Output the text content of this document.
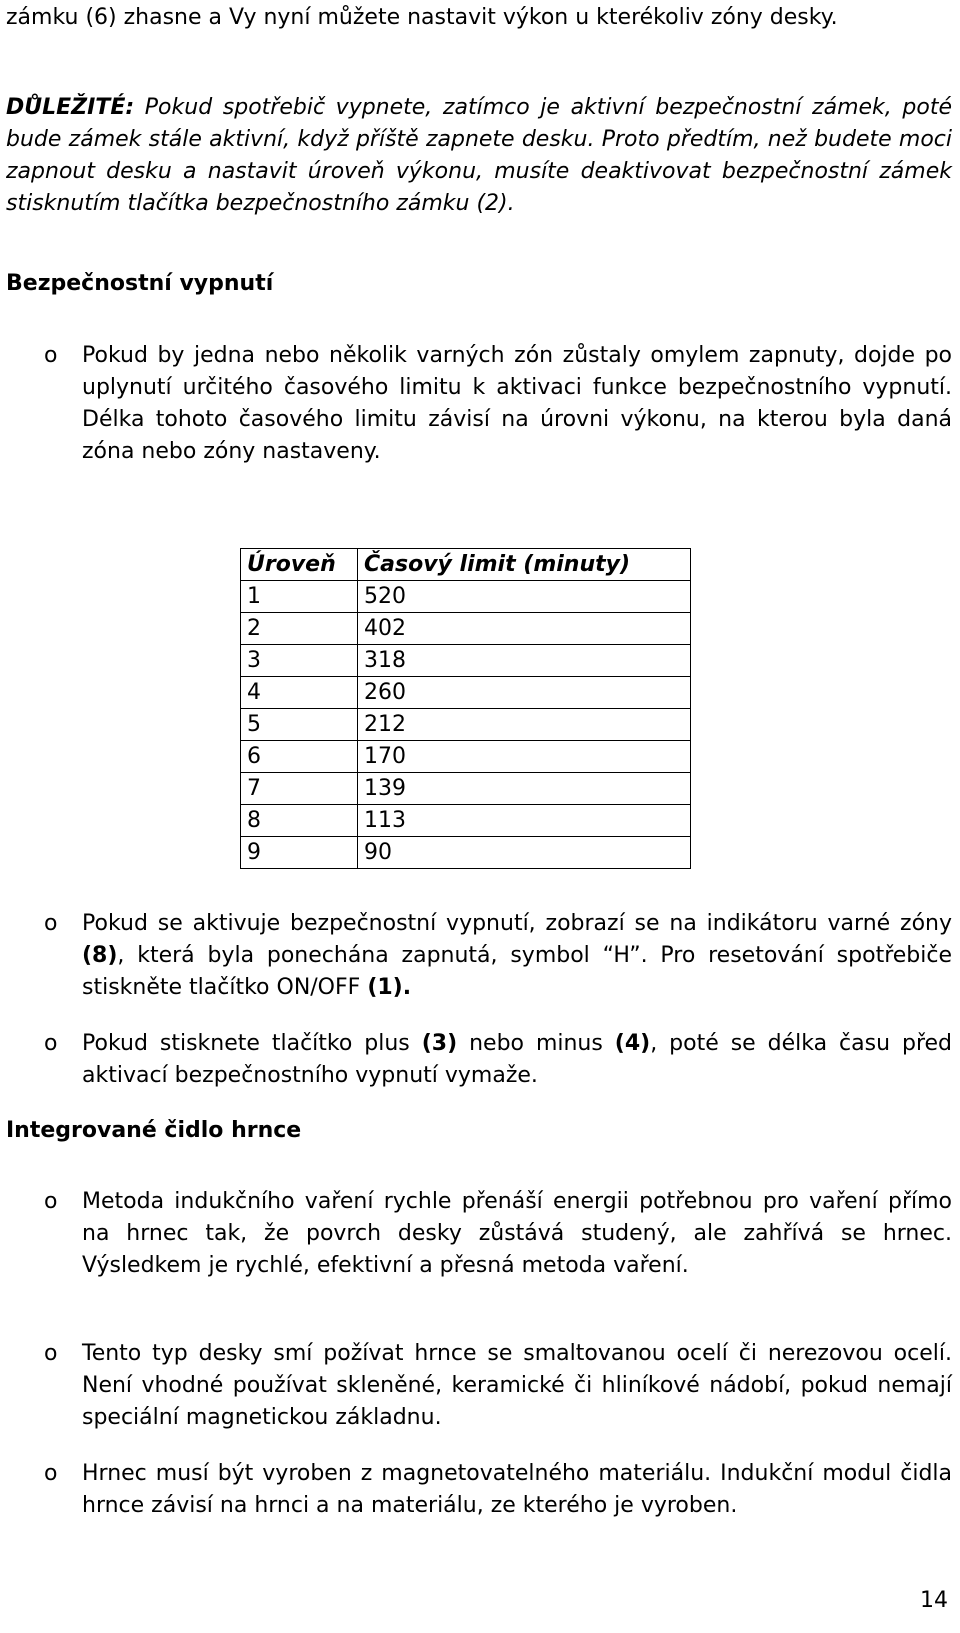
zámku (6) zhasne a Vy nyní můžete nastavit výkon u kterékoliv zóny desky.
DŮLEŽITÉ: Pokud spotřebič vypnete, zatímco je aktivní bezpečnostní zámek, poté bude zámek stále aktivní, když příště zapnete desku. Proto předtím, než budete moci zapnout desku a nastavit úroveň výkonu, musíte deaktivovat bezpečnostní zámek stisknutím tlačítka bezpečnostního zámku (2).
Bezpečnostní vypnutí
o Pokud by jedna nebo několik varných zón zůstaly omylem zapnuty, dojde po uplynutí určitého časového limitu k aktivaci funkce bezpečnostního vypnutí. Délka tohoto časového limitu závisí na úrovni výkonu, na kterou byla daná zóna nebo zóny nastaveny.
Úroveň	Časový limit (minuty)
1	520
2	402
3	318
4	260
5	212
6	170
7	139
8	113
9	90
o Pokud se aktivuje bezpečnostní vypnutí, zobrazí se na indikátoru varné zóny (8), která byla ponechána zapnutá, symbol “H”. Pro resetování spotřebiče stiskněte tlačítko ON/OFF (1).
o Pokud stisknete tlačítko plus (3) nebo minus (4), poté se délka času před aktivací bezpečnostního vypnutí vymaže.
Integrované čidlo hrnce
o Metoda indukčního vaření rychle přenáší energii potřebnou pro vaření přímo na hrnec tak, že povrch desky zůstává studený, ale zahřívá se hrnec. Výsledkem je rychlé, efektivní a přesná metoda vaření.
o Tento typ desky smí požívat hrnce se smaltovanou ocelí či nerezovou ocelí. Není vhodné používat skleněné, keramické či hliníkové nádobí, pokud nemají speciální magnetickou základnu.
o Hrnec musí být vyroben z magnetovatelného materiálu. Indukční modul čidla hrnce závisí na hrnci a na materiálu, ze kterého je vyroben.
14
